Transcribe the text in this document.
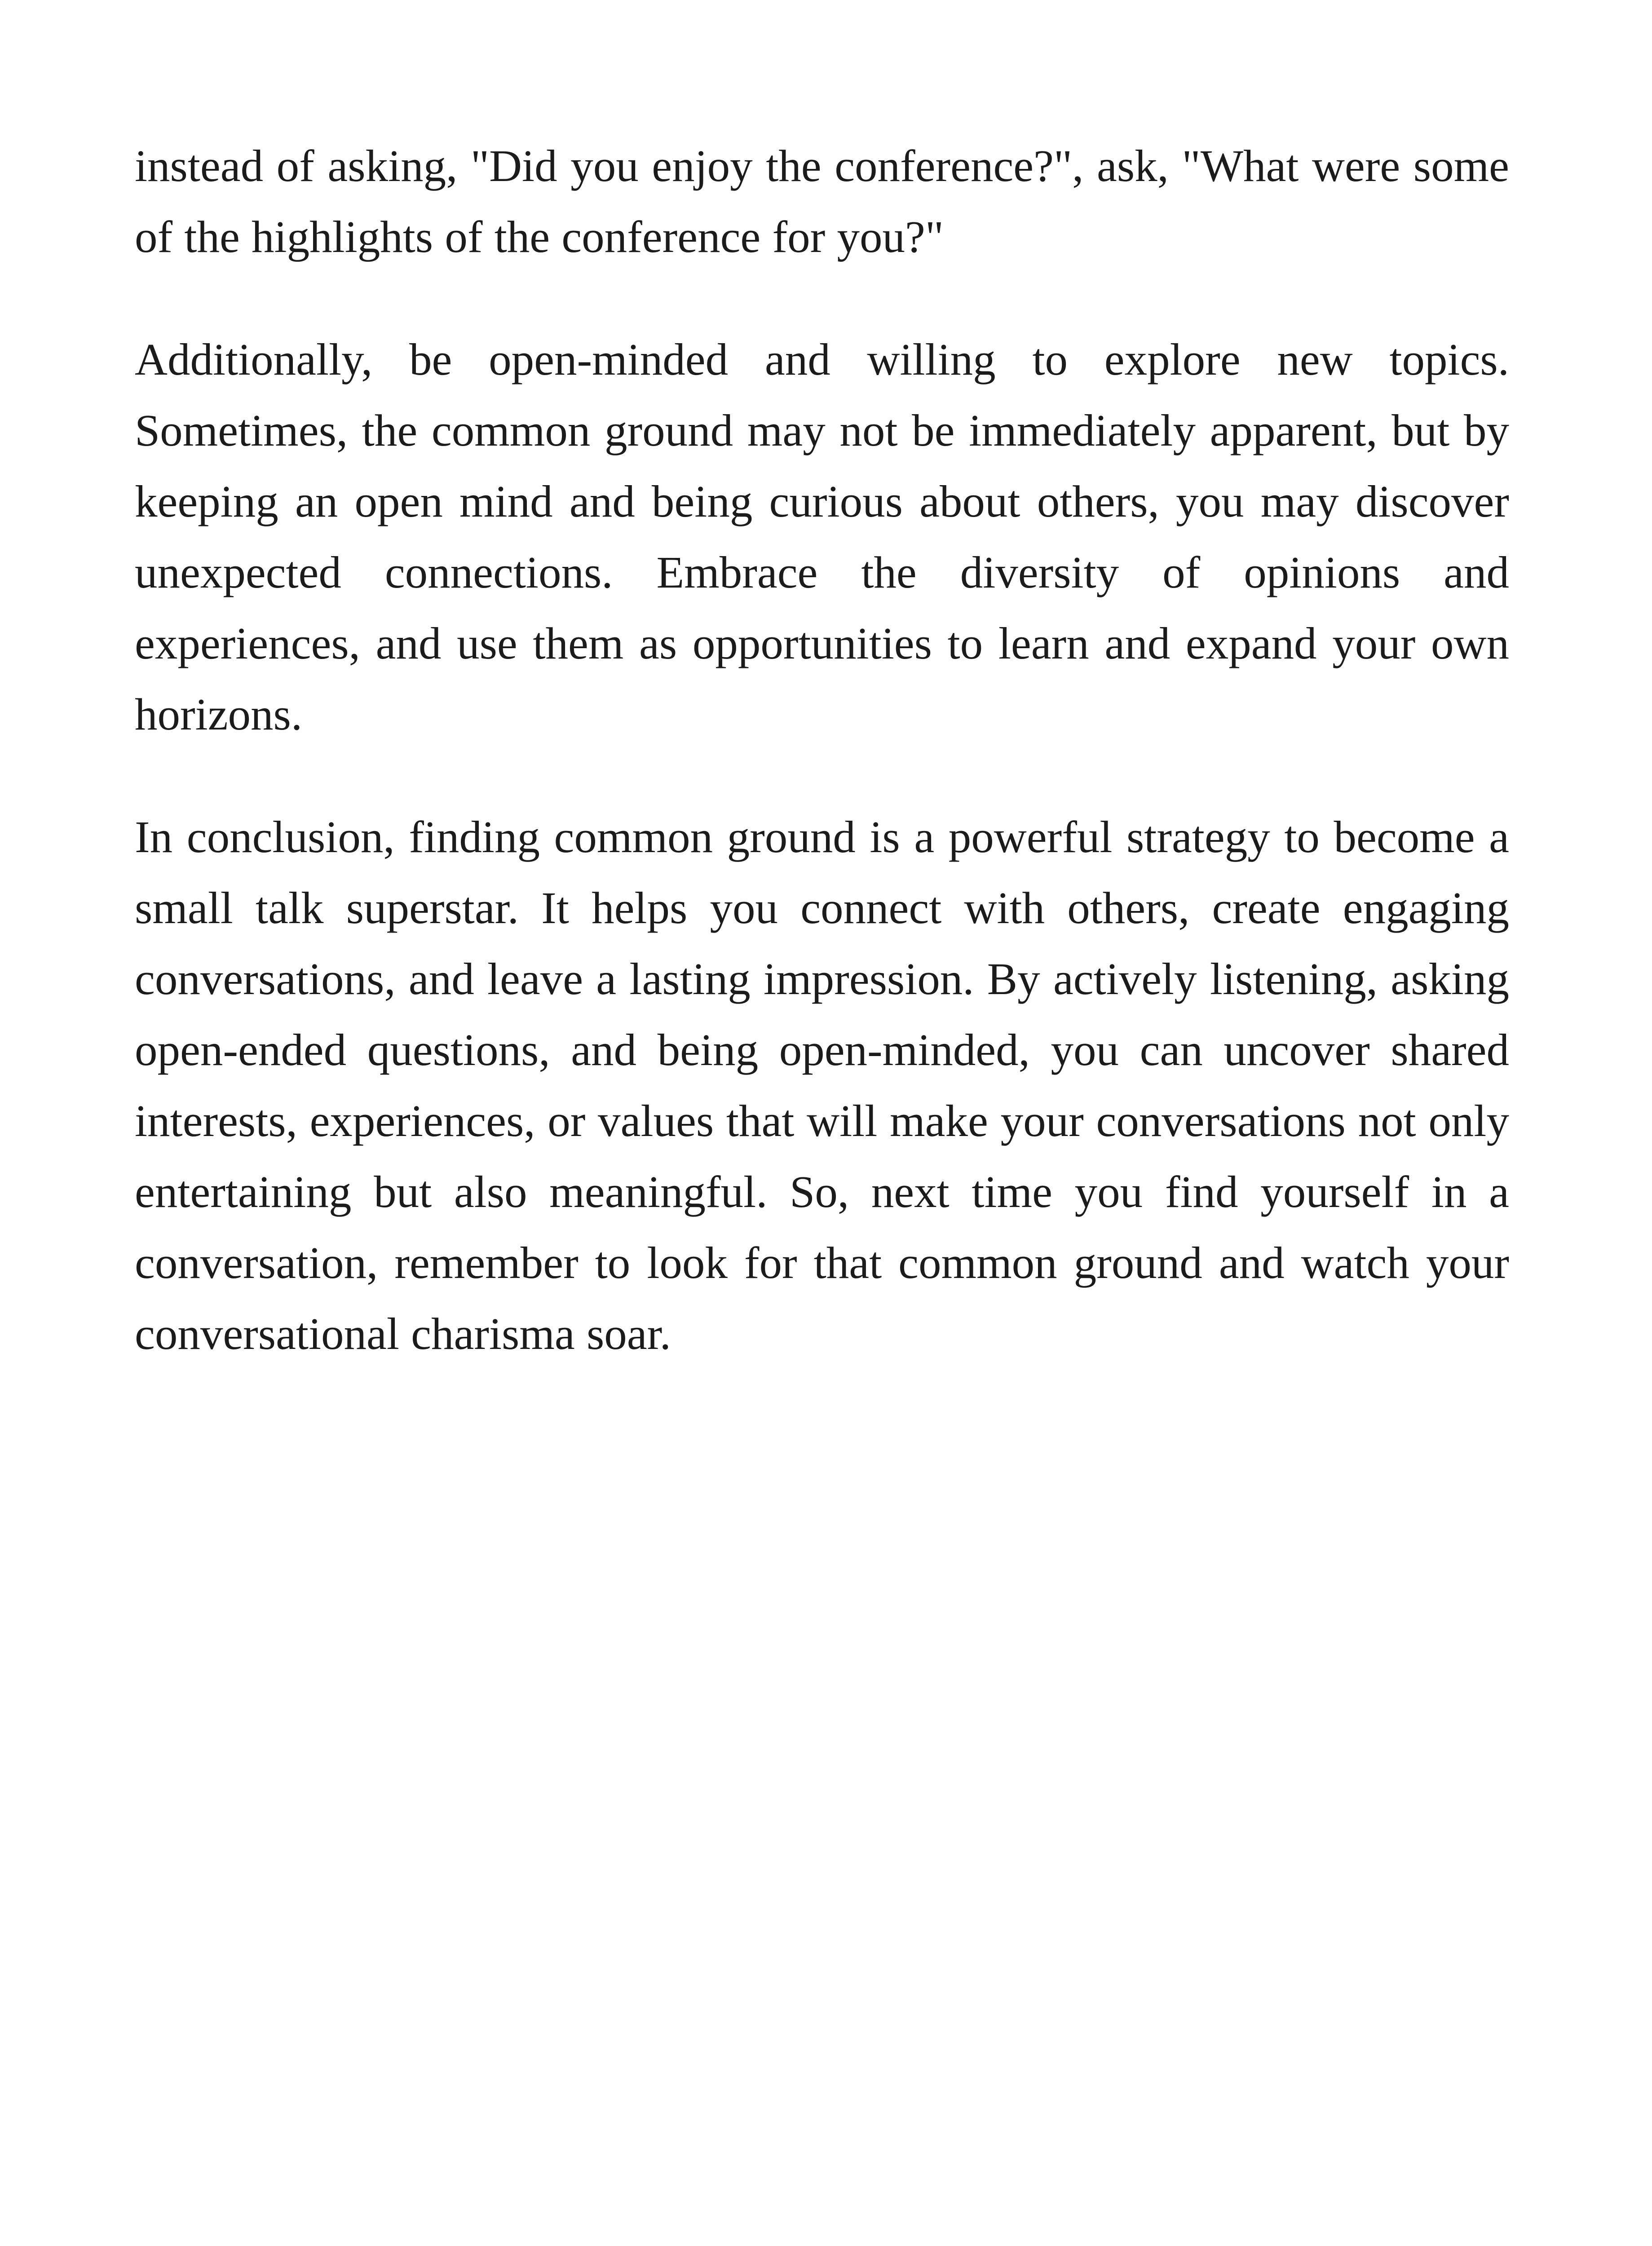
instead of asking, "Did you enjoy the conference?", ask, "What were some of the highlights of the conference for you?"

Additionally, be open-minded and willing to explore new topics. Sometimes, the common ground may not be immediately apparent, but by keeping an open mind and being curious about others, you may discover unexpected connections. Embrace the diversity of opinions and experiences, and use them as opportunities to learn and expand your own horizons.

In conclusion, finding common ground is a powerful strategy to become a small talk superstar. It helps you connect with others, create engaging conversations, and leave a lasting impression. By actively listening, asking open-ended questions, and being open-minded, you can uncover shared interests, experiences, or values that will make your conversations not only entertaining but also meaningful. So, next time you find yourself in a conversation, remember to look for that common ground and watch your conversational charisma soar.
